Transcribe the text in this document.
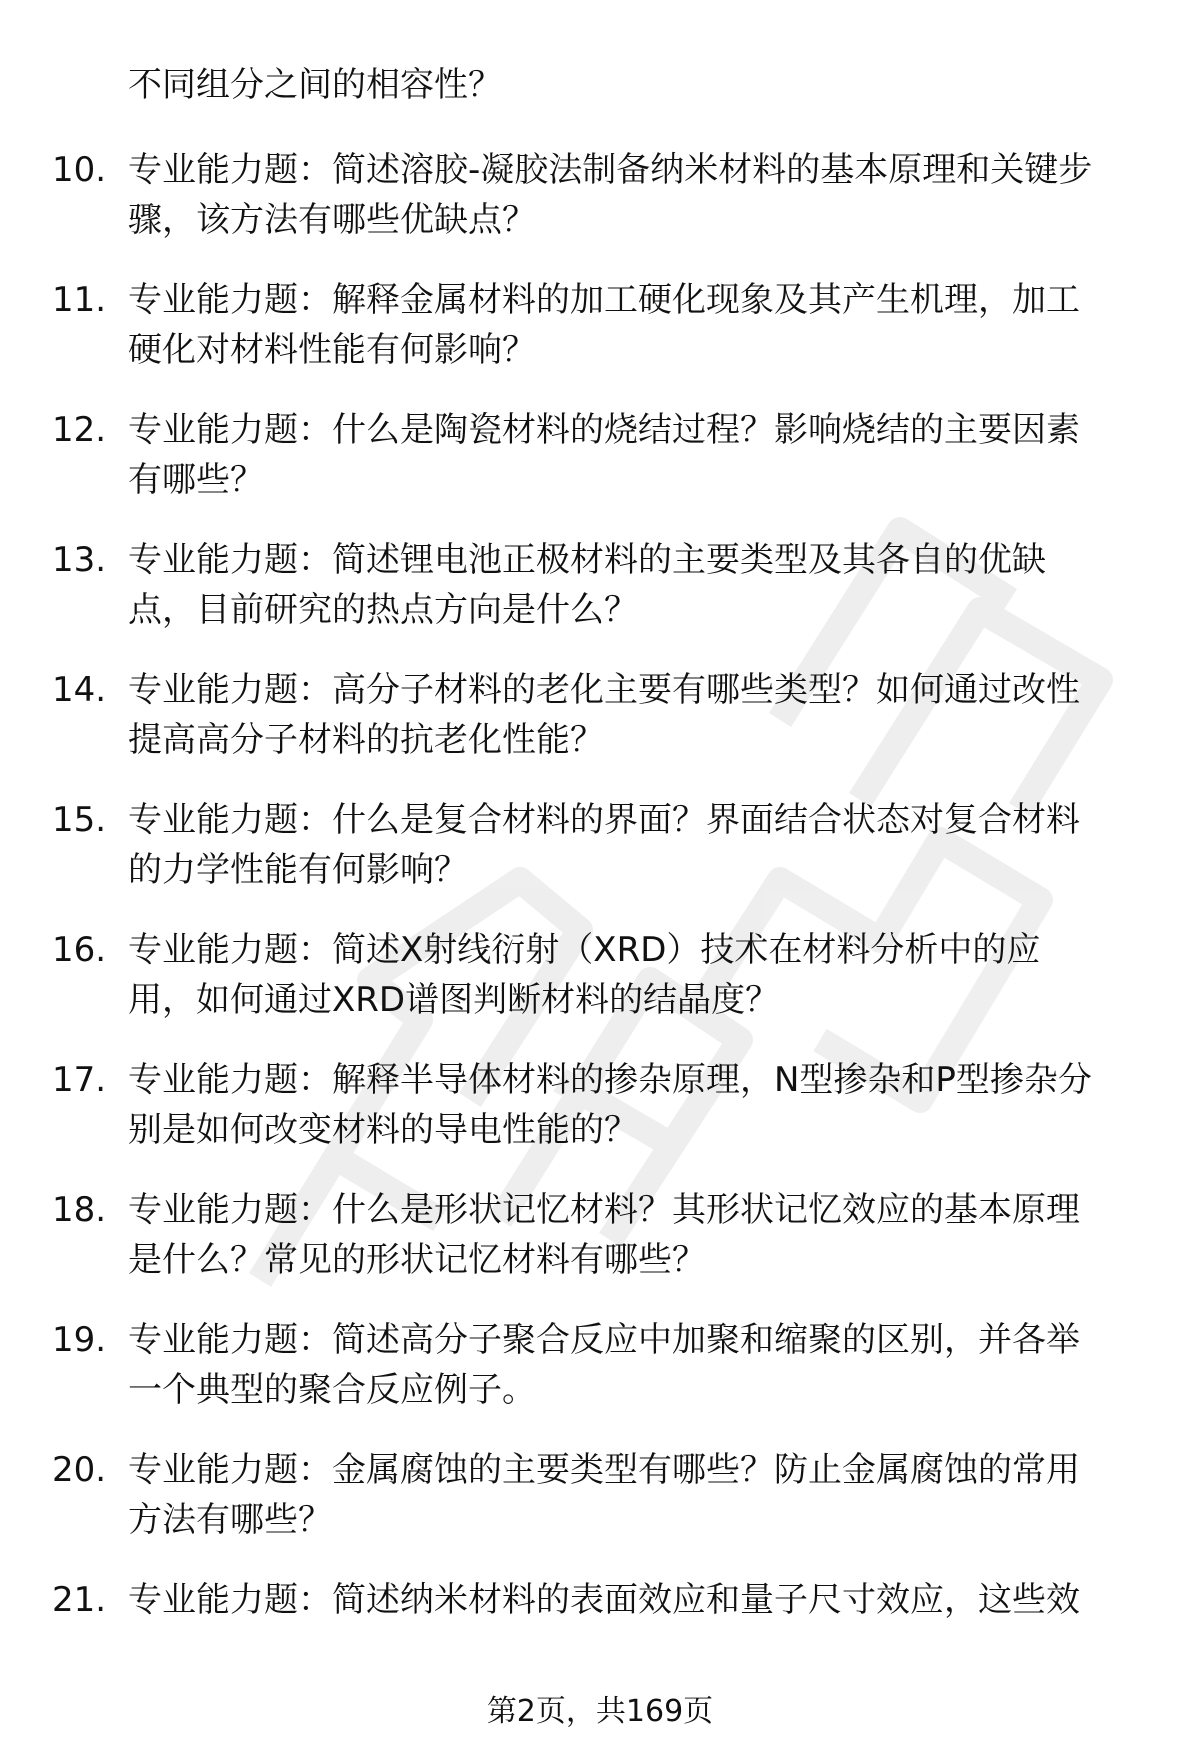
不同组分之间的相容性？
10. 专业能力题：简述溶胶-凝胶法制备纳米材料的基本原理和关键步
骤，该方法有哪些优缺点？
11. 专业能力题：解释金属材料的加工硬化现象及其产生机理，加工
硬化对材料性能有何影响？
12. 专业能力题：什么是陶瓷材料的烧结过程？影响烧结的主要因素
有哪些？
13. 专业能力题：简述锂电池正极材料的主要类型及其各自的优缺
点，目前研究的热点方向是什么？
14. 专业能力题：高分子材料的老化主要有哪些类型？如何通过改性
提高高分子材料的抗老化性能？
15. 专业能力题：什么是复合材料的界面？界面结合状态对复合材料
的力学性能有何影响？
16. 专业能力题：简述X射线衍射（XRD）技术在材料分析中的应
用，如何通过XRD谱图判断材料的结晶度？
17. 专业能力题：解释半导体材料的掺杂原理，N型掺杂和P型掺杂分
别是如何改变材料的导电性能的？
18. 专业能力题：什么是形状记忆材料？其形状记忆效应的基本原理
是什么？常见的形状记忆材料有哪些？
19. 专业能力题：简述高分子聚合反应中加聚和缩聚的区别，并各举
一个典型的聚合反应例子。
20. 专业能力题：金属腐蚀的主要类型有哪些？防止金属腐蚀的常用
方法有哪些？
21. 专业能力题：简述纳米材料的表面效应和量子尺寸效应，这些效
第2页，共169页
